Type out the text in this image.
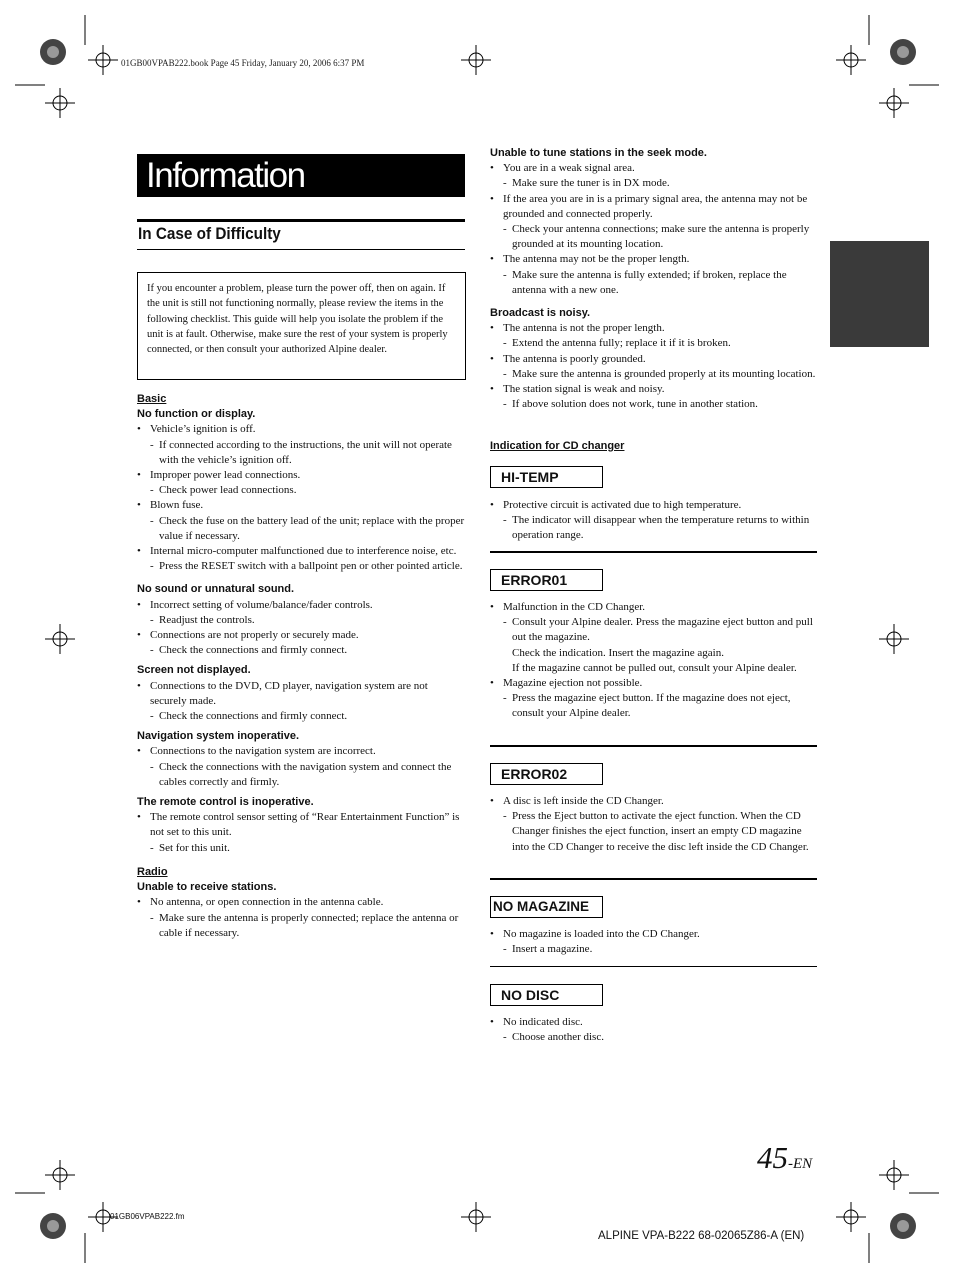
01GB00VPAB222.book Page 45 Friday, January 20, 2006 6:37 PM
Information
In Case of Difficulty
If you encounter a problem, please turn the power off, then on again. If the unit is still not functioning normally, please review the items in the following checklist. This guide will help you isolate the problem if the unit is at fault. Otherwise, make sure the rest of your system is properly connected, or then consult your authorized Alpine dealer.

Basic

No function or display.

• Vehicle’s ignition is off.

- If connected according to the instructions, the unit will not operate with the vehicle’s ignition off.

• Improper power lead connections.

- Check power lead connections.

• Blown fuse.

- Check the fuse on the battery lead of the unit; replace with the proper value if necessary.

• Internal micro-computer malfunctioned due to interference noise, etc.

- Press the RESET switch with a ballpoint pen or other pointed article.

No sound or unnatural sound.

• Incorrect setting of volume/balance/fader controls.

- Readjust the controls.

• Connections are not properly or securely made.

- Check the connections and firmly connect.

Screen not displayed.

• Connections to the DVD, CD player, navigation system are not securely made.

- Check the connections and firmly connect.

Navigation system inoperative.

• Connections to the navigation system are incorrect.

- Check the connections with the navigation system and connect the cables correctly and firmly.

The remote control is inoperative.

• The remote control sensor setting of “Rear Entertainment Function” is not set to this unit.

- Set for this unit.

Radio

Unable to receive stations.

• No antenna, or open connection in the antenna cable.

- Make sure the antenna is properly connected; replace the antenna or cable if necessary.

Unable to tune stations in the seek mode.

• You are in a weak signal area.

- Make sure the tuner is in DX mode.

• If the area you are in is a primary signal area, the antenna may not be grounded and connected properly.

- Check your antenna connections; make sure the antenna is properly grounded at its mounting location.

• The antenna may not be the proper length.

- Make sure the antenna is fully extended; if broken, replace the antenna with a new one.

Broadcast is noisy.

• The antenna is not the proper length.

- Extend the antenna fully; replace it if it is broken.

• The antenna is poorly grounded.

- Make sure the antenna is grounded properly at its mounting location.

• The station signal is weak and noisy.

- If above solution does not work, tune in another station.

Indication for CD changer
HI-TEMP

• Protective circuit is activated due to high temperature.

- The indicator will disappear when the temperature returns to within operation range.

ERROR01

• Malfunction in the CD Changer.

- Consult your Alpine dealer. Press the magazine eject button and pull out the magazine.

Check the indication. Insert the magazine again.

If the magazine cannot be pulled out, consult your Alpine dealer.

• Magazine ejection not possible.

- Press the magazine eject button. If the magazine does not eject, consult your Alpine dealer.

ERROR02

• A disc is left inside the CD Changer.

- Press the Eject button to activate the eject function. When the CD Changer finishes the eject function, insert an empty CD magazine into the CD Changer to receive the disc left inside the CD Changer.

NO MAGAZINE

• No magazine is loaded into the CD Changer.

- Insert a magazine.

NO DISC

• No indicated disc.

- Choose another disc.

45-EN
01GB06VPAB222.fm
ALPINE VPA-B222 68-02065Z86-A (EN)
